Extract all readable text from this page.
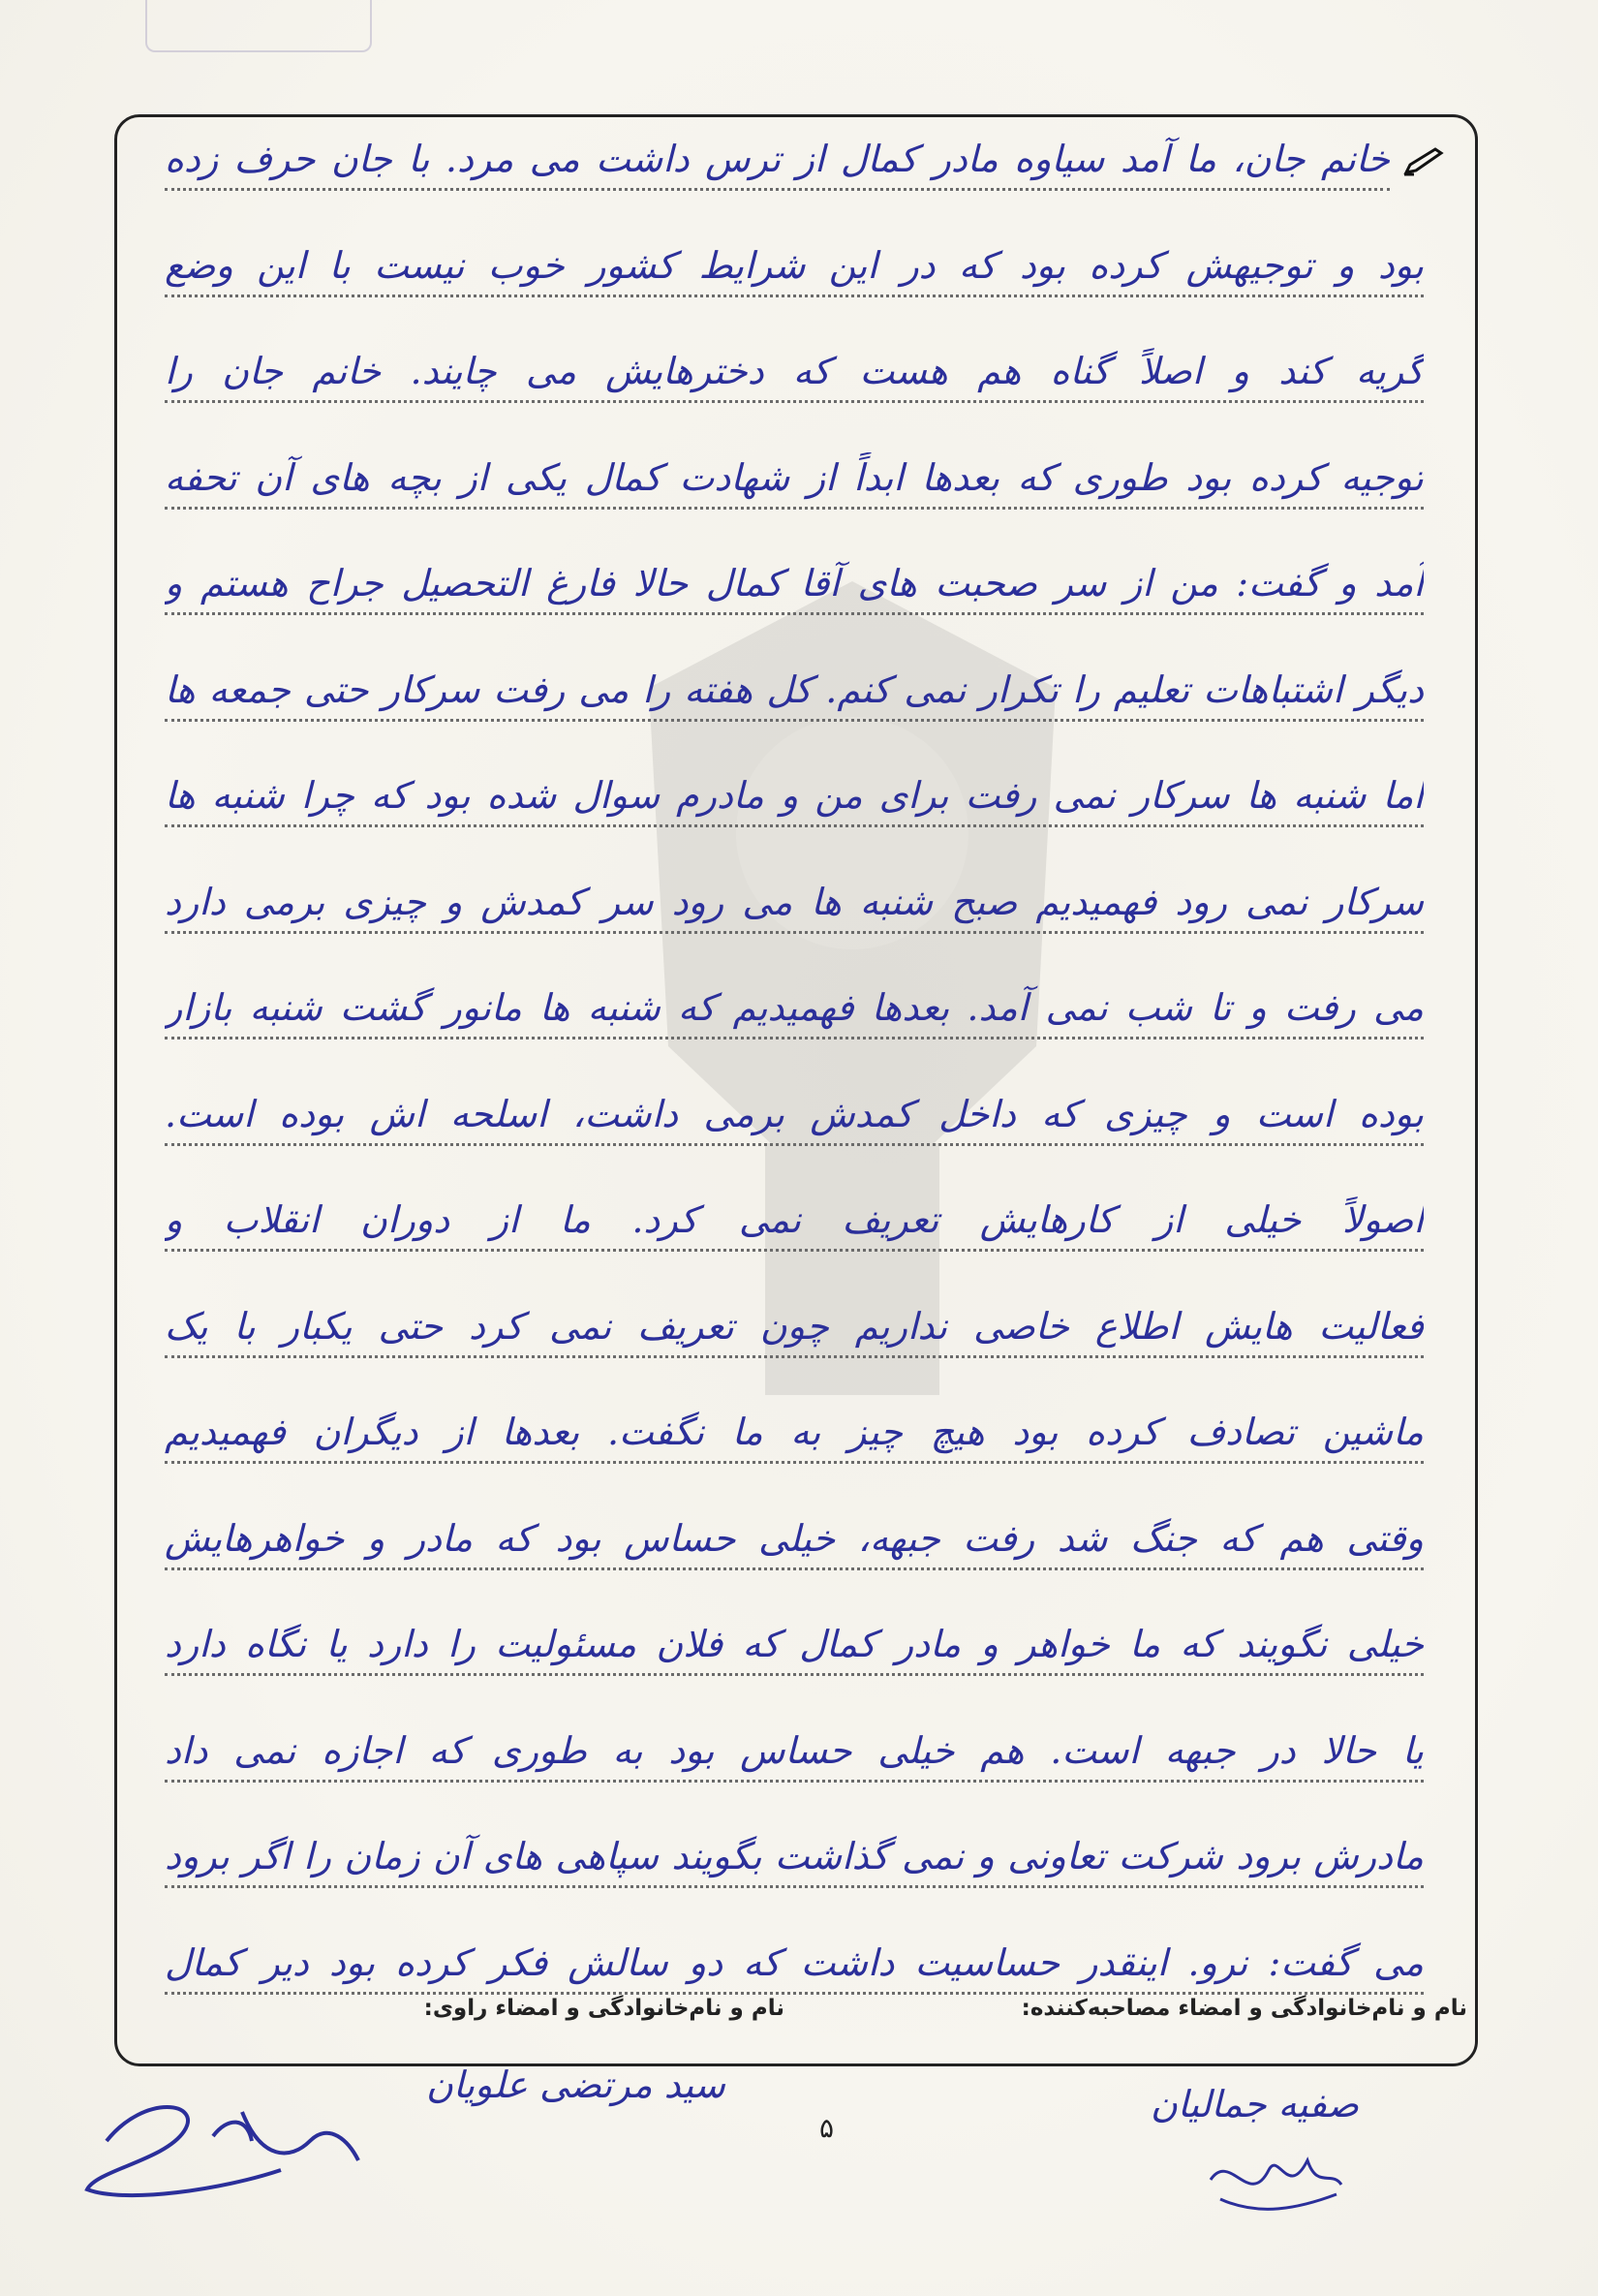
خانم جان، ما آمد سیاوه مادر کمال از ترس داشت می مرد. با جان حرف زده
بود و توجیهش کرده بود که در این شرایط کشور خوب نیست با این وضع
گریه کند و اصلاً گناه هم هست که دخترهایش می چایند. خانم جان را
توجیه کرده بود طوری که بعدها ابداً از شهادت کمال یکی از بچه های آن تحفه
آمد و گفت: من از سر صحبت های آقا کمال حالا فارغ التحصیل جراح هستم و
دیگر اشتباهات تعلیم را تکرار نمی کنم. کل هفته را می رفت سرکار حتی جمعه ها
اما شنبه ها سرکار نمی رفت برای من و مادرم سوال شده بود که چرا شنبه ها
سرکار نمی رود فهمیدیم صبح شنبه ها می رود سر کمدش و چیزی برمی دارد
می رفت و تا شب نمی آمد. بعدها فهمیدیم که شنبه ها مانور گشت شنبه بازار
بوده است و چیزی که داخل کمدش برمی داشت، اسلحه اش بوده است.
اصولاً خیلی از کارهایش تعریف نمی کرد. ما از دوران انقلاب و
فعالیت هایش اطلاع خاصی نداریم چون تعریف نمی کرد حتی یکبار با یک
ماشین تصادف کرده بود هیچ چیز به ما نگفت. بعدها از دیگران فهمیدیم
وقتی هم که جنگ شد رفت جبهه، خیلی حساس بود که مادر و خواهرهایش
خیلی نگویند که ما خواهر و مادر کمال که فلان مسئولیت را دارد یا نگاه دارد
یا حالا در جبهه است. هم خیلی حساس بود به طوری که اجازه نمی داد
مادرش برود شرکت تعاونی و نمی گذاشت بگویند سپاهی های آن زمان را اگر برود
می گفت: نرو. اینقدر حساسیت داشت که دو سالش فکر کرده بود دیر کمال
نام و نام‌خانوادگی و امضاء مصاحبه‌کننده:
نام و نام‌خانوادگی و امضاء راوی:
صفیه جمالیان
سید مرتضی علویان
۵
